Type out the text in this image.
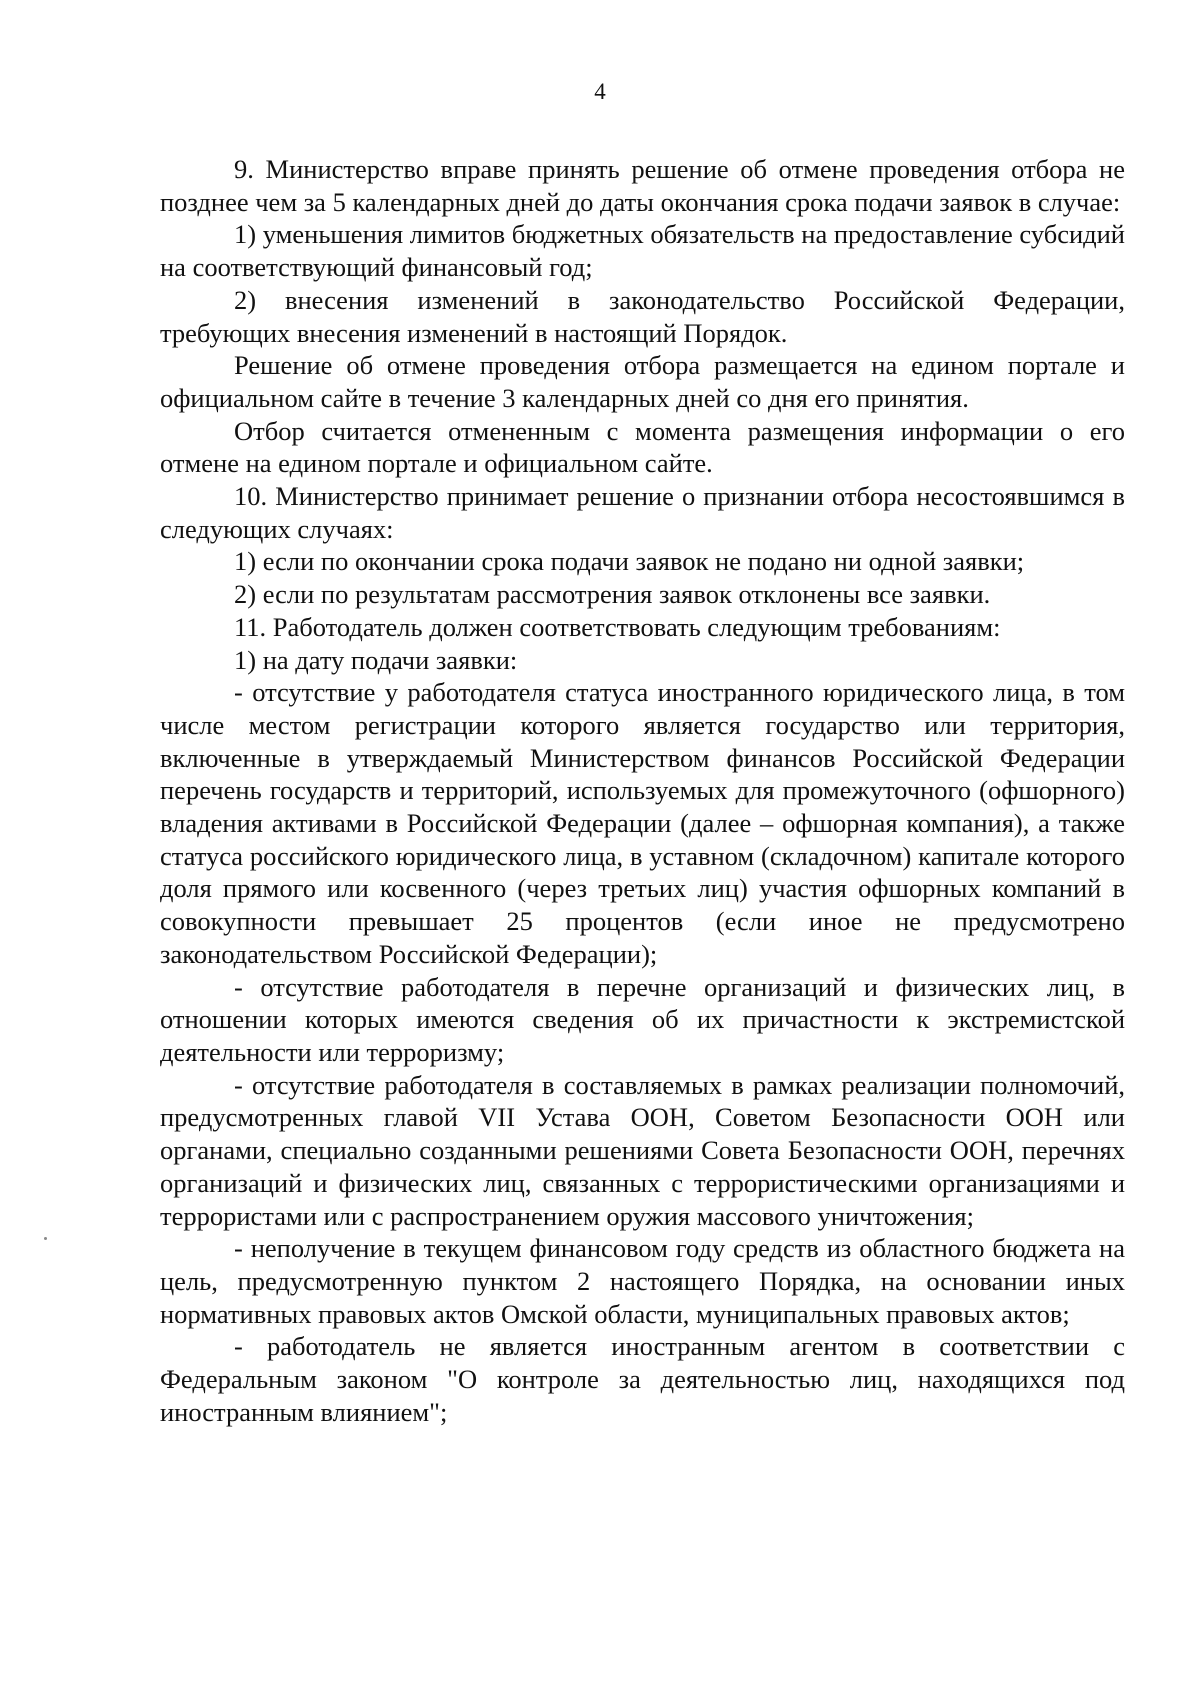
4

9. Министерство вправе принять решение об отмене проведения отбора не позднее чем за 5 календарных дней до даты окончания срока подачи заявок в случае:

1) уменьшения лимитов бюджетных обязательств на предоставление субсидий на соответствующий финансовый год;

2) внесения изменений в законодательство Российской Федерации, требующих внесения изменений в настоящий Порядок.

Решение об отмене проведения отбора размещается на едином портале и официальном сайте в течение 3 календарных дней со дня его принятия.

Отбор считается отмененным с момента размещения информации о его отмене на едином портале и официальном сайте.

10. Министерство принимает решение о признании отбора несостоявшимся в следующих случаях:

1) если по окончании срока подачи заявок не подано ни одной заявки;

2) если по результатам рассмотрения заявок отклонены все заявки.

11. Работодатель должен соответствовать следующим требованиям:

1) на дату подачи заявки:

- отсутствие у работодателя статуса иностранного юридического лица, в том числе местом регистрации которого является государство или территория, включенные в утверждаемый Министерством финансов Российской Федерации перечень государств и территорий, используемых для промежуточного (офшорного) владения активами в Российской Федерации (далее – офшорная компания), а также статуса российского юридического лица, в уставном (складочном) капитале которого доля прямого или косвенного (через третьих лиц) участия офшорных компаний в совокупности превышает 25 процентов (если иное не предусмотрено законодательством Российской Федерации);

- отсутствие работодателя в перечне организаций и физических лиц, в отношении которых имеются сведения об их причастности к экстремистской деятельности или терроризму;

- отсутствие работодателя в составляемых в рамках реализации полномочий, предусмотренных главой VII Устава ООН, Советом Безопасности ООН или органами, специально созданными решениями Совета Безопасности ООН, перечнях организаций и физических лиц, связанных с террористическими организациями и террористами или с распространением оружия массового уничтожения;

- неполучение в текущем финансовом году средств из областного бюджета на цель, предусмотренную пунктом 2 настоящего Порядка, на основании иных нормативных правовых актов Омской области, муниципальных правовых актов;

- работодатель не является иностранным агентом в соответствии с Федеральным законом "О контроле за деятельностью лиц, находящихся под иностранным влиянием";
